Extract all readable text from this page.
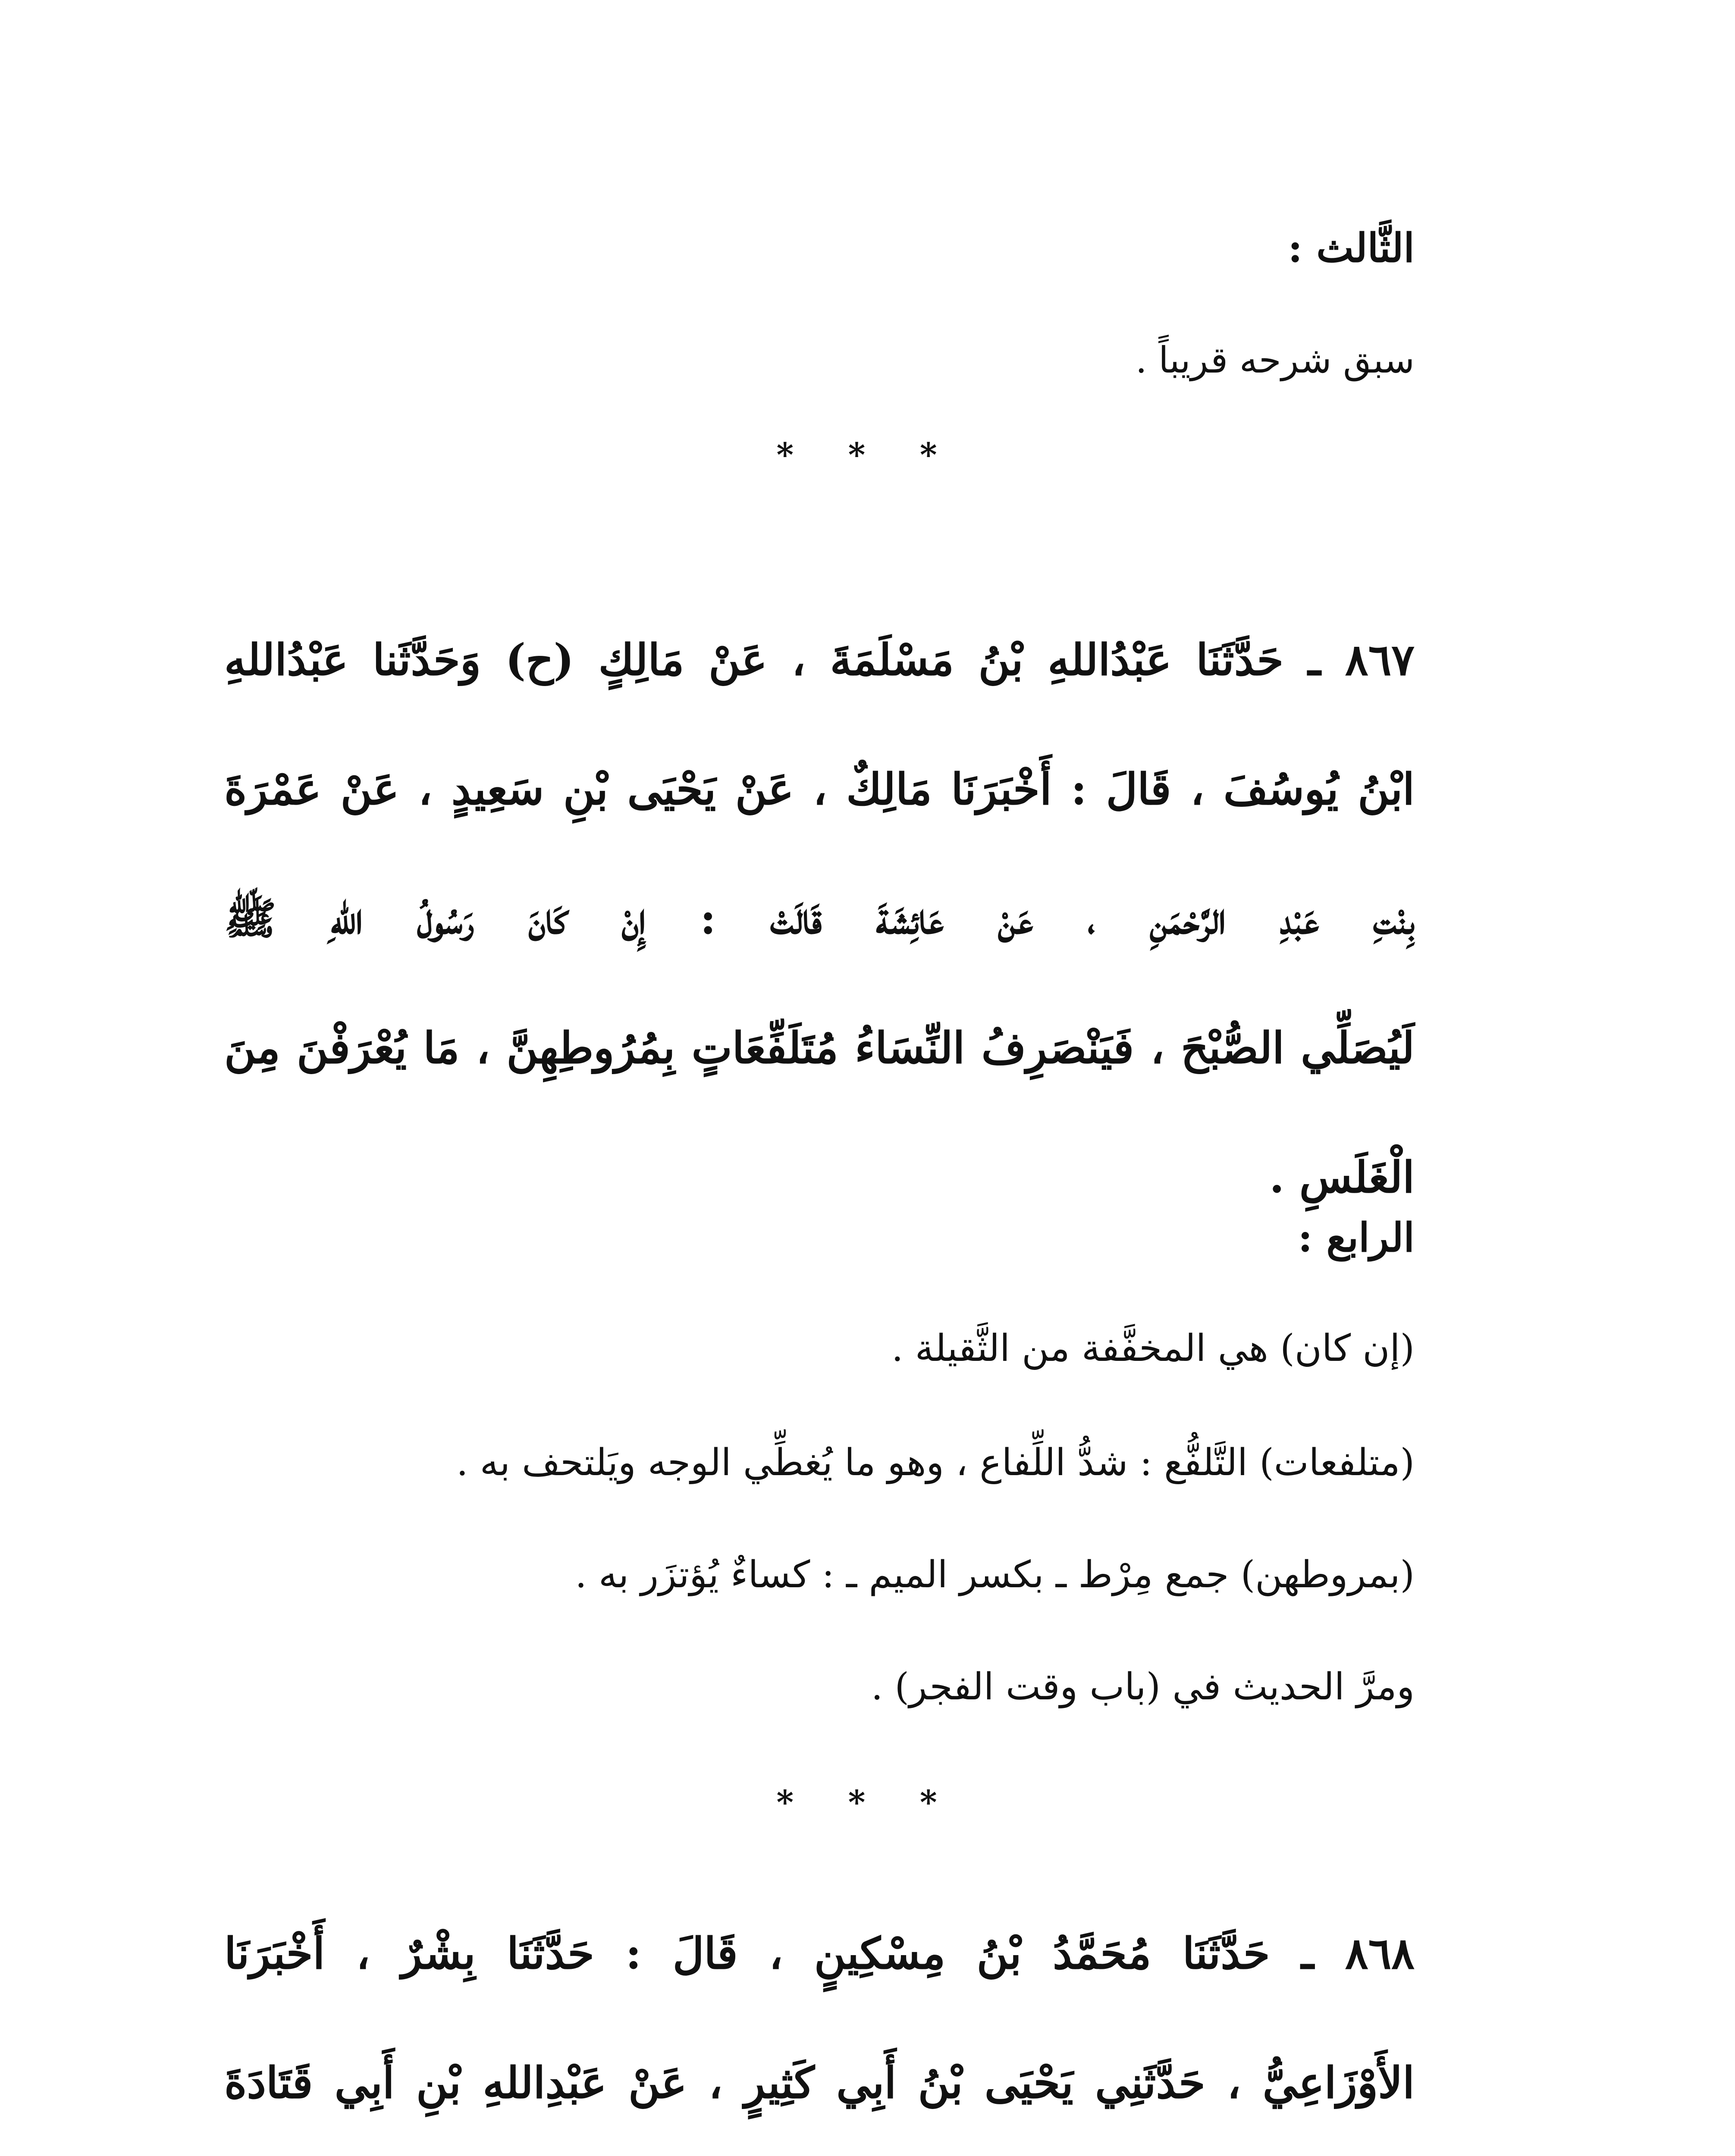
الثَّالث :
سبق شرحه قريباً .
* * *
٨٦٧ ـ حَدَّثَنَا عَبْدُاللهِ بْنُ مَسْلَمَةَ ، عَنْ مَالِكٍ (ح) وَحَدَّثَنا عَبْدُاللهِ
ابْنُ يُوسُفَ ، قَالَ : أَخْبَرَنَا مَالِكٌ ، عَنْ يَحْيَى بْنِ سَعِيدٍ ، عَنْ عَمْرَةَ
بِنْتِ عَبْدِ الرَّحْمَنِ ، عَنْ عَائِشَةَ قَالَتْ : إِنْ كَانَ رَسُولُ اللهِ ﷺ
لَيُصَلِّي الصُّبْحَ ، فَيَنْصَرِفُ النِّسَاءُ مُتَلَفِّعَاتٍ بِمُرُوطِهِنَّ ، مَا يُعْرَفْنَ مِنَ
الْغَلَسِ .
الرابع :
(إن كان) هي المخفَّفة من الثَّقيلة .
(متلفعات) التَّلفُّع : شدُّ اللِّفاع ، وهو ما يُغطِّي الوجه ويَلتحف به .
(بمروطهن) جمع مِرْط ـ بكسر الميم ـ : كساءٌ يُؤتزَر به .
ومرَّ الحديث في (باب وقت الفجر) .
* * *
٨٦٨ ـ حَدَّثَنَا مُحَمَّدُ بْنُ مِسْكِينٍ ، قَالَ : حَدَّثَنَا بِشْرٌ ، أَخْبَرَنَا
الأَوْزَاعِيُّ ، حَدَّثَنِي يَحْيَى بْنُ أَبِي كَثِيرٍ ، عَنْ عَبْدِاللهِ بْنِ أَبِي قَتَادَةَ
